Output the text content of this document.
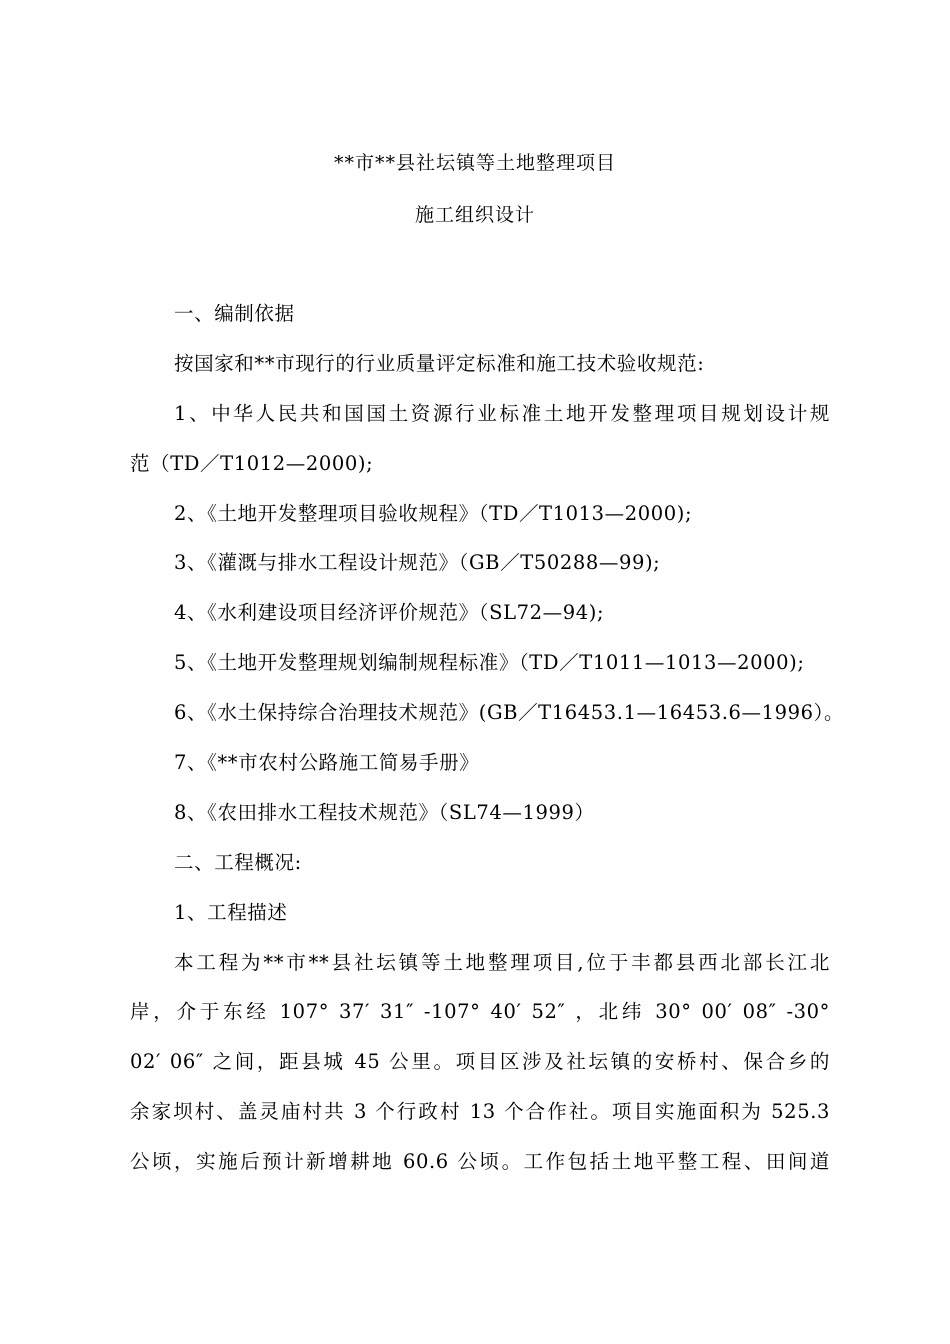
**市**县社坛镇等土地整理项目
施工组织设计
一、编制依据
按国家和**市现行的行业质量评定标准和施工技术验收规范:
1、中华人民共和国国土资源行业标准土地开发整理项目规划设计规
范（TD／T1012—2000);
2、《土地开发整理项目验收规程》（TD／T1013—2000);
3、《灌溉与排水工程设计规范》（GB／T50288—99);
4、《水利建设项目经济评价规范》（SL72—94);
5、《土地开发整理规划编制规程标准》（TD／T1011—1013—2000);
6、《水土保持综合治理技术规范》(GB／T16453.1—16453.6—1996）。
7、《**市农村公路施工简易手册》
8、《农田排水工程技术规范》（SL74—1999）
二、工程概况:
1、工程描述
本工程为**市**县社坛镇等土地整理项目,位于丰都县西北部长江北
岸，介于东经 107° 37′ 31″ -107° 40′ 52″ ，北纬 30° 00′ 08″ -30°
02′ 06″ 之间，距县城 45 公里。项目区涉及社坛镇的安桥村、保合乡的
余家坝村、盖灵庙村共 3 个行政村 13 个合作社。项目实施面积为 525.3
公顷，实施后预计新增耕地 60.6 公顷。工作包括土地平整工程、田间道
